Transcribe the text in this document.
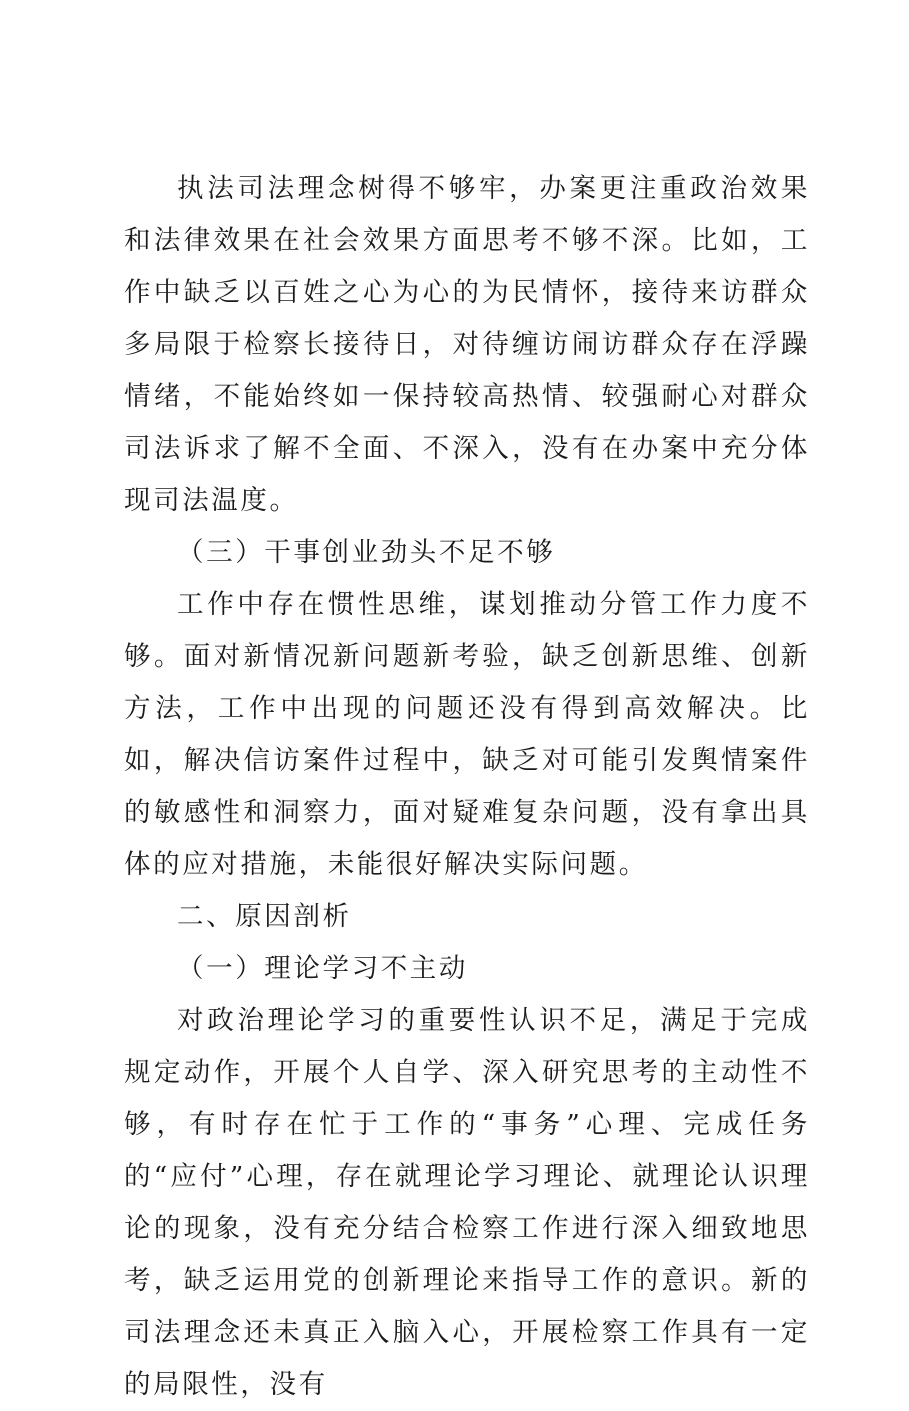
执法司法理念树得不够牢，办案更注重政治效果和法律效果在社会效果方面思考不够不深。比如，工作中缺乏以百姓之心为心的为民情怀，接待来访群众多局限于检察长接待日，对待缠访闹访群众存在浮躁情绪，不能始终如一保持较高热情、较强耐心对群众司法诉求了解不全面、不深入，没有在办案中充分体现司法温度。

（三）干事创业劲头不足不够

工作中存在惯性思维，谋划推动分管工作力度不够。面对新情况新问题新考验，缺乏创新思维、创新方法，工作中出现的问题还没有得到高效解决。比如，解决信访案件过程中，缺乏对可能引发舆情案件的敏感性和洞察力，面对疑难复杂问题，没有拿出具体的应对措施，未能很好解决实际问题。

二、原因剖析

（一）理论学习不主动

对政治理论学习的重要性认识不足，满足于完成规定动作，开展个人自学、深入研究思考的主动性不够，有时存在忙于工作的“事务”心理、完成任务的“应付”心理，存在就理论学习理论、就理论认识理论的现象，没有充分结合检察工作进行深入细致地思考，缺乏运用党的创新理论来指导工作的意识。新的司法理念还未真正入脑入心，开展检察工作具有一定的局限性，没有
